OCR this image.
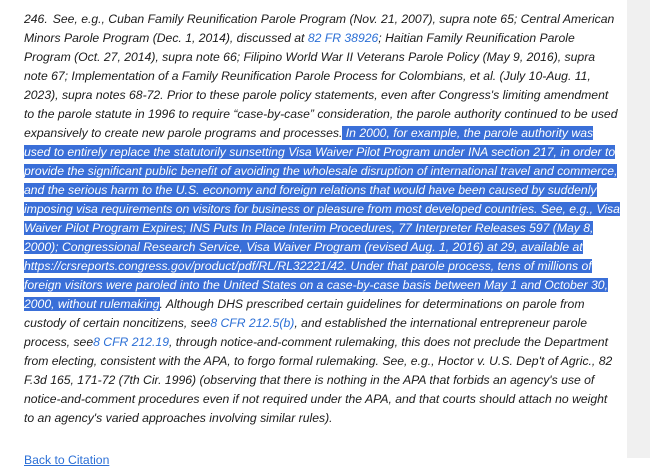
246. See, e.g., Cuban Family Reunification Parole Program (Nov. 21, 2007), supra note 65; Central American Minors Parole Program (Dec. 1, 2014), discussed at 82 FR 38926; Haitian Family Reunification Parole Program (Oct. 27, 2014), supra note 66; Filipino World War II Veterans Parole Policy (May 9, 2016), supra note 67; Implementation of a Family Reunification Parole Process for Colombians, et al. (July 10-Aug. 11, 2023), supra notes 68-72. Prior to these parole policy statements, even after Congress's limiting amendment to the parole statute in 1996 to require “case-by-case” consideration, the parole authority continued to be used expansively to create new parole programs and processes. In 2000, for example, the parole authority was used to entirely replace the statutorily sunsetting Visa Waiver Pilot Program under INA section 217, in order to provide the significant public benefit of avoiding the wholesale disruption of international travel and commerce, and the serious harm to the U.S. economy and foreign relations that would have been caused by suddenly imposing visa requirements on visitors for business or pleasure from most developed countries. See, e.g., Visa Waiver Pilot Program Expires; INS Puts In Place Interim Procedures, 77 Interpreter Releases 597 (May 8, 2000); Congressional Research Service, Visa Waiver Program (revised Aug. 1, 2016) at 29, available at https://crsreports.congress.gov/product/pdf/RL/RL32221/42. Under that parole process, tens of millions of foreign visitors were paroled into the United States on a case-by-case basis between May 1 and October 30, 2000, without rulemaking. Although DHS prescribed certain guidelines for determinations on parole from custody of certain noncitizens, see8 CFR 212.5(b), and established the international entrepreneur parole process, see8 CFR 212.19, through notice-and-comment rulemaking, this does not preclude the Department from electing, consistent with the APA, to forgo formal rulemaking. See, e.g., Hoctor v. U.S. Dep't of Agric., 82 F.3d 165, 171-72 (7th Cir. 1996) (observing that there is nothing in the APA that forbids an agency's use of notice-and-comment procedures even if not required under the APA, and that courts should attach no weight to an agency's varied approaches involving similar rules).

Back to Citation
